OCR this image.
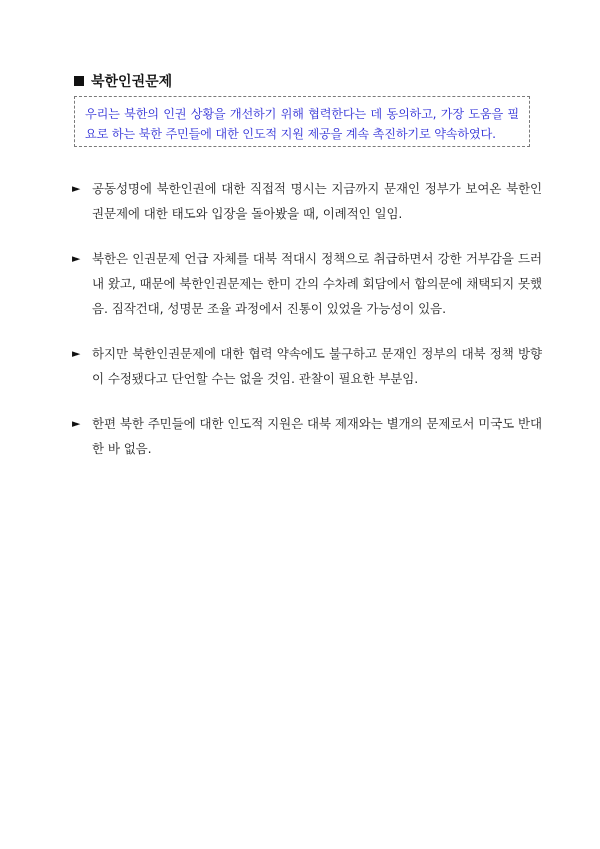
북한인권문제
우리는 북한의 인권 상황을 개선하기 위해 협력한다는 데 동의하고, 가장 도움을 필요로 하는 북한 주민들에 대한 인도적 지원 제공을 계속 촉진하기로 약속하였다.
► 공동성명에 북한인권에 대한 직접적 명시는 지금까지 문재인 정부가 보여온 북한인권문제에 대한 태도와 입장을 돌아봤을 때, 이례적인 일임.
► 북한은 인권문제 언급 자체를 대북 적대시 정책으로 취급하면서 강한 거부감을 드러내 왔고, 때문에 북한인권문제는 한미 간의 수차례 회담에서 합의문에 채택되지 못했음. 짐작건대, 성명문 조율 과정에서 진통이 있었을 가능성이 있음.
► 하지만 북한인권문제에 대한 협력 약속에도 불구하고 문재인 정부의 대북 정책 방향이 수정됐다고 단언할 수는 없을 것임. 관찰이 필요한 부분임.
► 한편 북한 주민들에 대한 인도적 지원은 대북 제재와는 별개의 문제로서 미국도 반대한 바 없음.
